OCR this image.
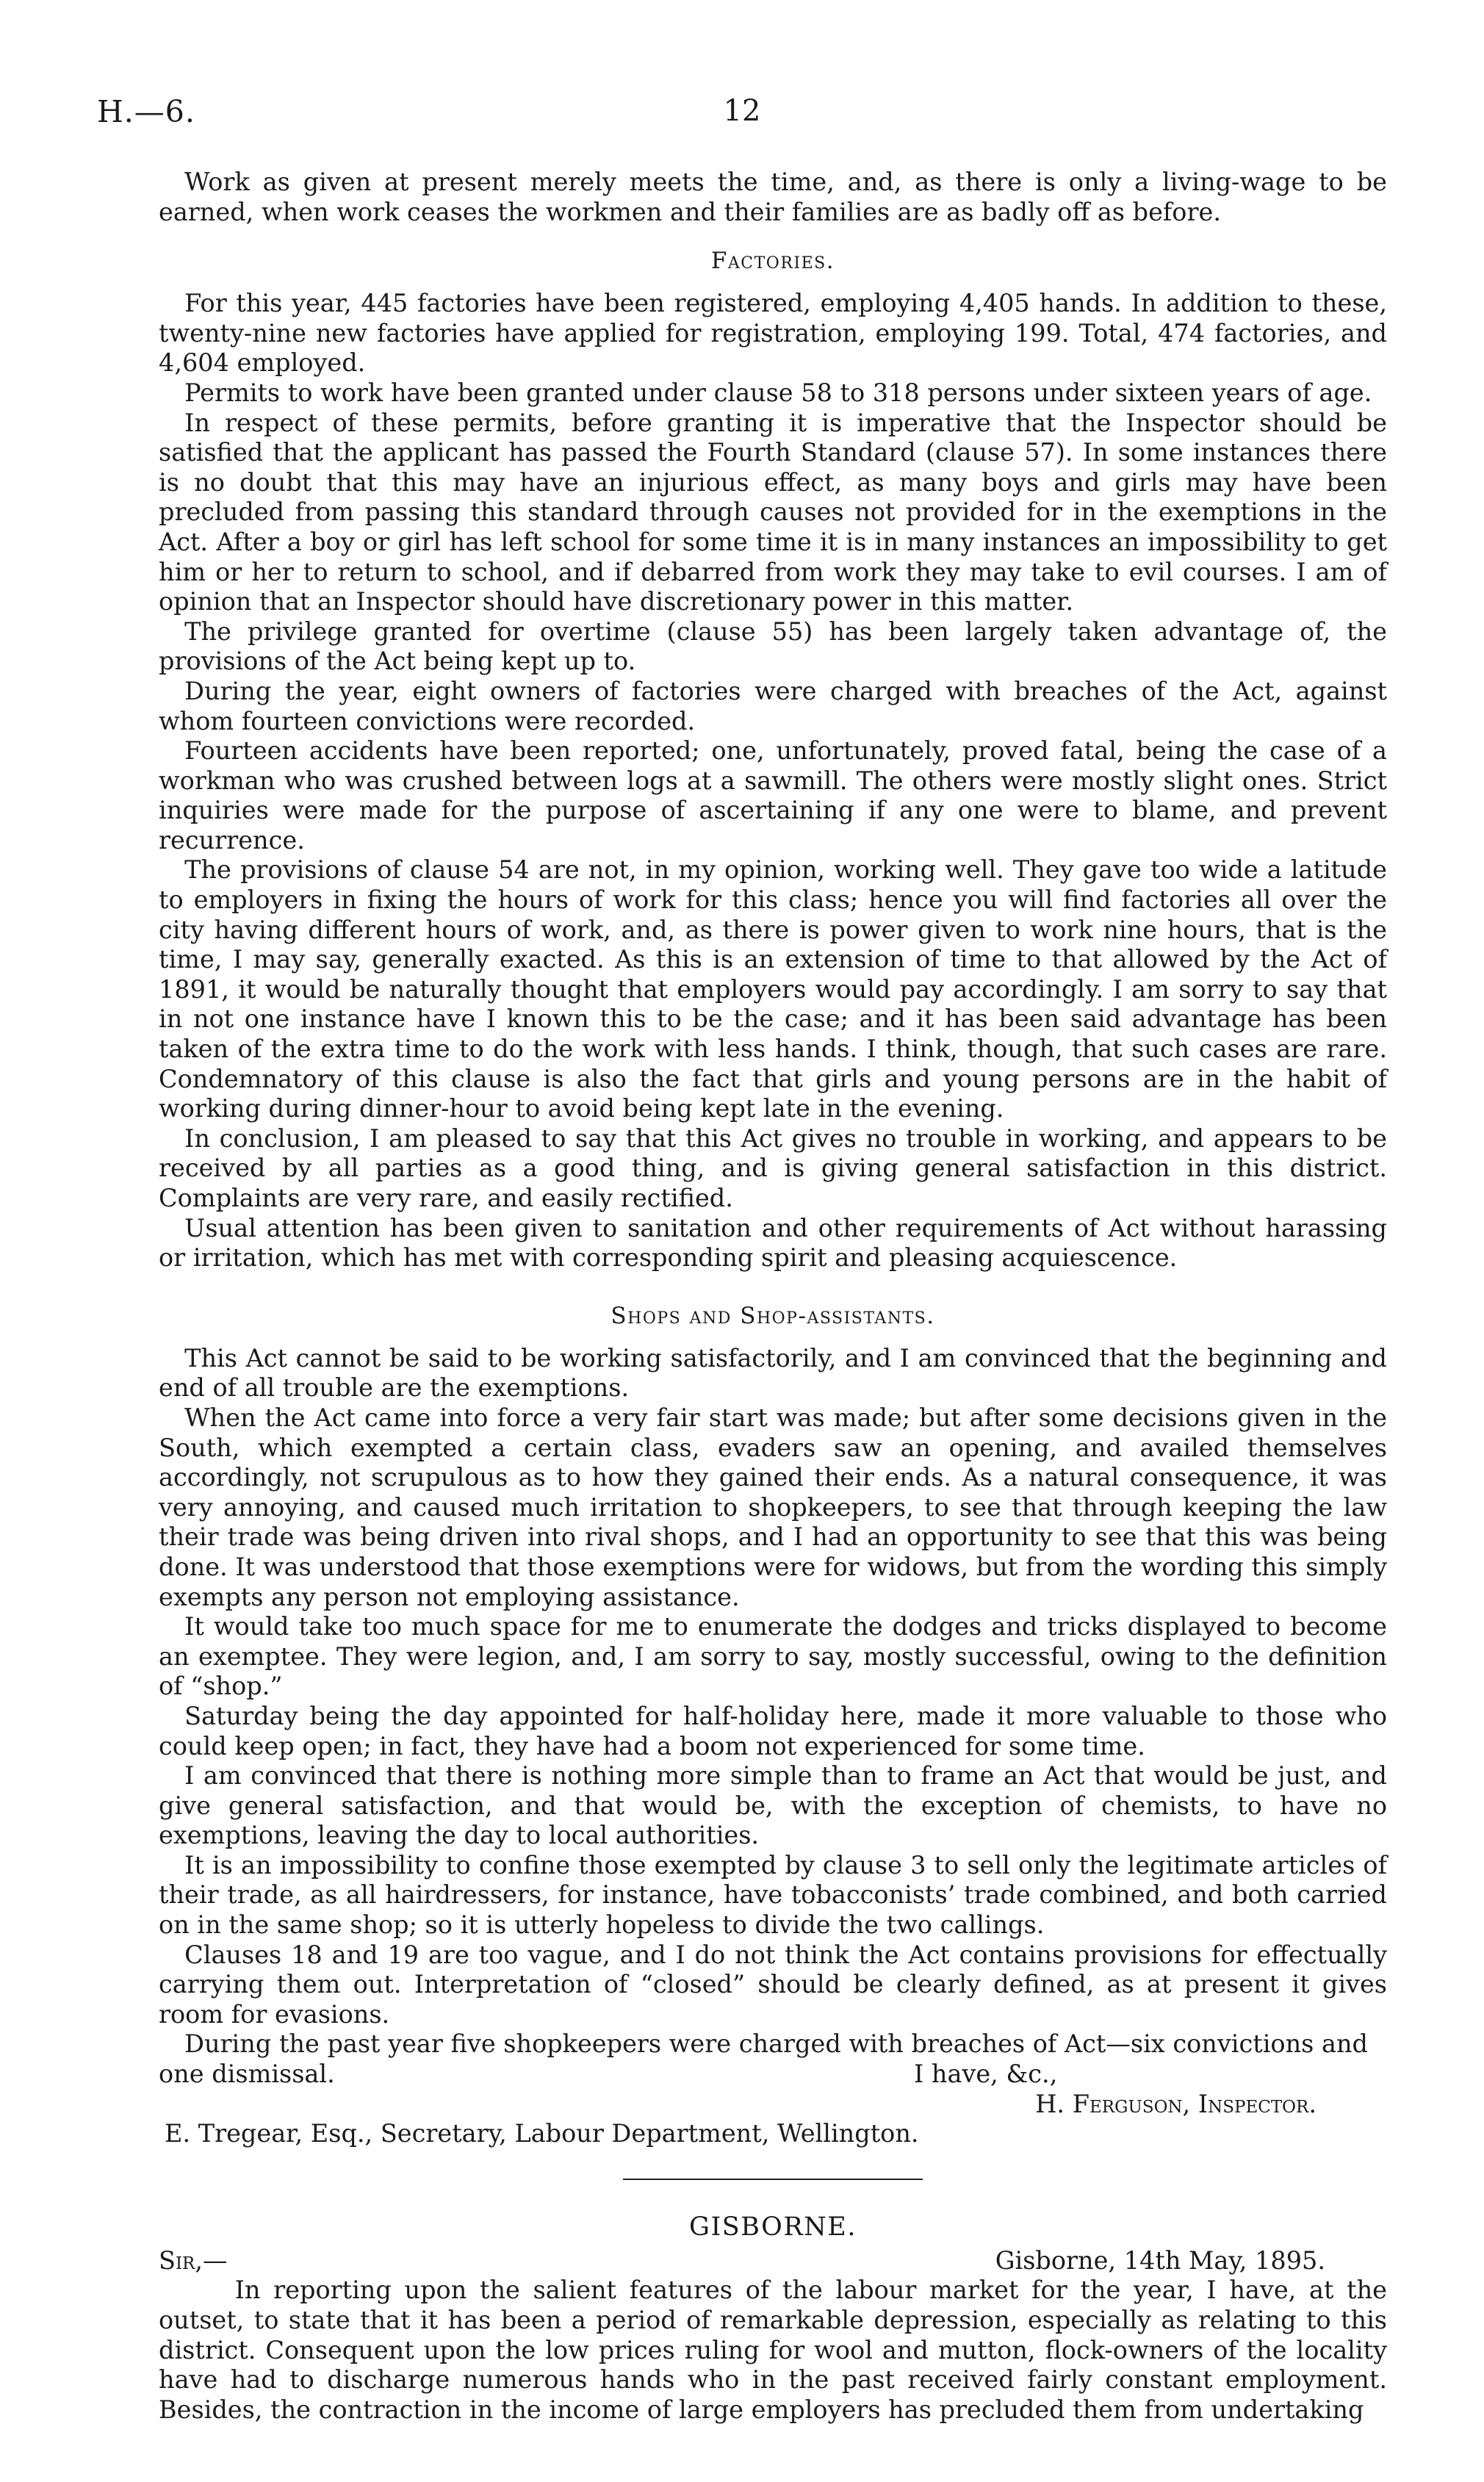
H.—6.	12

Work as given at present merely meets the time, and, as there is only a living-wage to be earned, when work ceases the workmen and their families are as badly off as before.

Factories.

For this year, 445 factories have been registered, employing 4,405 hands. In addition to these, twenty-nine new factories have applied for registration, employing 199. Total, 474 factories, and 4,604 employed.

Permits to work have been granted under clause 58 to 318 persons under sixteen years of age.

In respect of these permits, before granting it is imperative that the Inspector should be satisfied that the applicant has passed the Fourth Standard (clause 57). In some instances there is no doubt that this may have an injurious effect, as many boys and girls may have been precluded from passing this standard through causes not provided for in the exemptions in the Act. After a boy or girl has left school for some time it is in many instances an impossibility to get him or her to return to school, and if debarred from work they may take to evil courses. I am of opinion that an Inspector should have discretionary power in this matter.

The privilege granted for overtime (clause 55) has been largely taken advantage of, the provisions of the Act being kept up to.

During the year, eight owners of factories were charged with breaches of the Act, against whom fourteen convictions were recorded.

Fourteen accidents have been reported; one, unfortunately, proved fatal, being the case of a workman who was crushed between logs at a sawmill. The others were mostly slight ones. Strict inquiries were made for the purpose of ascertaining if any one were to blame, and prevent recurrence.

The provisions of clause 54 are not, in my opinion, working well. They gave too wide a latitude to employers in fixing the hours of work for this class; hence you will find factories all over the city having different hours of work, and, as there is power given to work nine hours, that is the time, I may say, generally exacted. As this is an extension of time to that allowed by the Act of 1891, it would be naturally thought that employers would pay accordingly. I am sorry to say that in not one instance have I known this to be the case; and it has been said advantage has been taken of the extra time to do the work with less hands. I think, though, that such cases are rare. Condemnatory of this clause is also the fact that girls and young persons are in the habit of working during dinner-hour to avoid being kept late in the evening.

In conclusion, I am pleased to say that this Act gives no trouble in working, and appears to be received by all parties as a good thing, and is giving general satisfaction in this district. Complaints are very rare, and easily rectified.

Usual attention has been given to sanitation and other requirements of Act without harassing or irritation, which has met with corresponding spirit and pleasing acquiescence.

Shops and Shop-assistants.

This Act cannot be said to be working satisfactorily, and I am convinced that the beginning and end of all trouble are the exemptions.

When the Act came into force a very fair start was made; but after some decisions given in the South, which exempted a certain class, evaders saw an opening, and availed themselves accordingly, not scrupulous as to how they gained their ends. As a natural consequence, it was very annoying, and caused much irritation to shopkeepers, to see that through keeping the law their trade was being driven into rival shops, and I had an opportunity to see that this was being done. It was understood that those exemptions were for widows, but from the wording this simply exempts any person not employing assistance.

It would take too much space for me to enumerate the dodges and tricks displayed to become an exemptee. They were legion, and, I am sorry to say, mostly successful, owing to the definition of “shop.”

Saturday being the day appointed for half-holiday here, made it more valuable to those who could keep open; in fact, they have had a boom not experienced for some time.

I am convinced that there is nothing more simple than to frame an Act that would be just, and give general satisfaction, and that would be, with the exception of chemists, to have no exemptions, leaving the day to local authorities.

It is an impossibility to confine those exempted by clause 3 to sell only the legitimate articles of their trade, as all hairdressers, for instance, have tobacconists’ trade combined, and both carried on in the same shop; so it is utterly hopeless to divide the two callings.

Clauses 18 and 19 are too vague, and I do not think the Act contains provisions for effectually carrying them out. Interpretation of “closed” should be clearly defined, as at present it gives room for evasions.

During the past year five shopkeepers were charged with breaches of Act—six convictions and

one dismissal.	I have, &c.,
H. Ferguson, Inspector.
E. Tregear, Esq., Secretary, Labour Department, Wellington.
GISBORNE.
Sir,—	Gisborne, 14th May, 1895.

In reporting upon the salient features of the labour market for the year, I have, at the outset, to state that it has been a period of remarkable depression, especially as relating to this district. Consequent upon the low prices ruling for wool and mutton, flock-owners of the locality have had to discharge numerous hands who in the past received fairly constant employment. Besides, the contraction in the income of large employers has precluded them from undertaking
